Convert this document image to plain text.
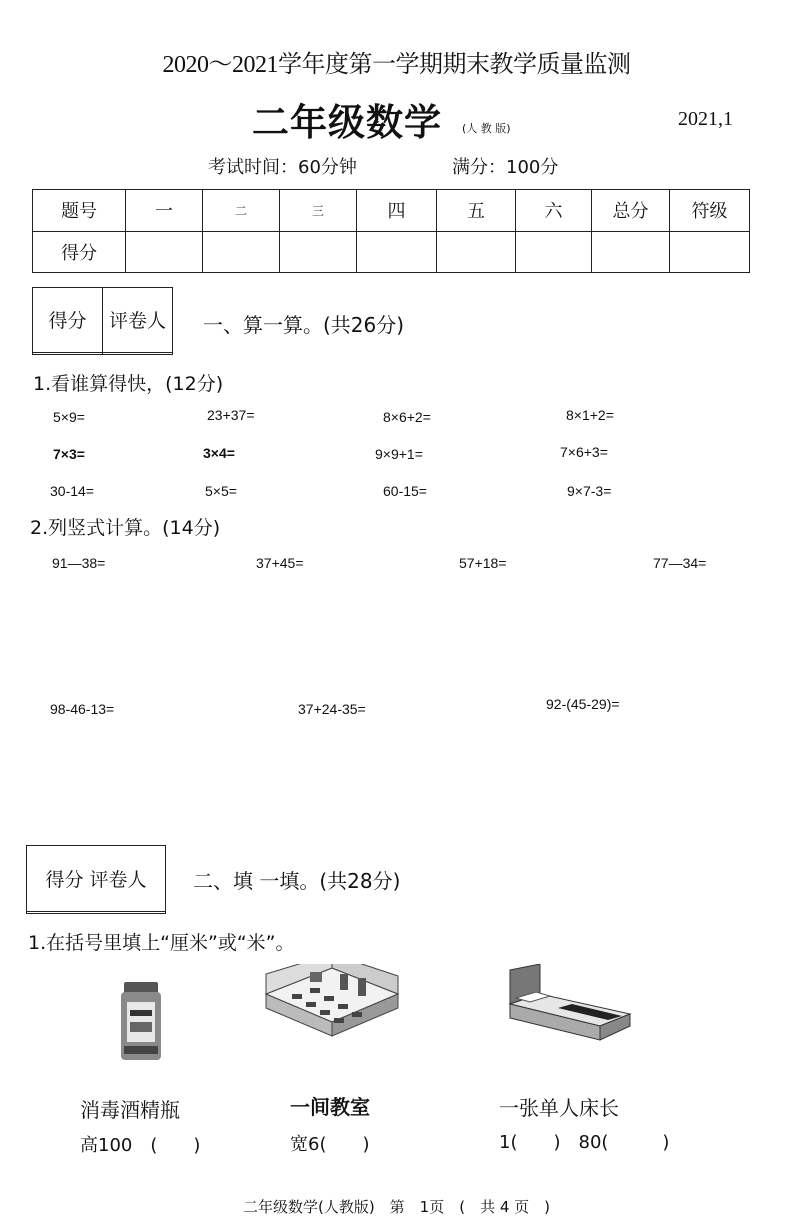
2020～2021学年度第一学期期末教学质量监测
二年级数学 (人 教 版)	2021,1
考试时间：60分钟	满分：100分
题号	一	二	三	四	五	六	总分	符级
得分								
得分	评卷人
	一、算一算。(共26分)
1.看谁算得快，(12分)
5×9=	23+37=	8×6+2=	8×1+2=
7×3=	3×4=	9×9+1=	7×6+3=
30-14=	5×5=	60-15=	9×7-3=
2.列竖式计算。(14分)
91—38=	37+45=	57+18=	77—34=
98-46-13=	37+24-35=	92-(45-29)=
得分 评卷人 二、填 一填。(共28分)
1.在括号里填上“厘米”或“米”。
消毒酒精瓶
高100　(　　)
一间教室
宽6(　　)
一张单人床长
1(　　)　80(　　　)
二年级数学(人教版)　第　1页　(　共 4 页　)
